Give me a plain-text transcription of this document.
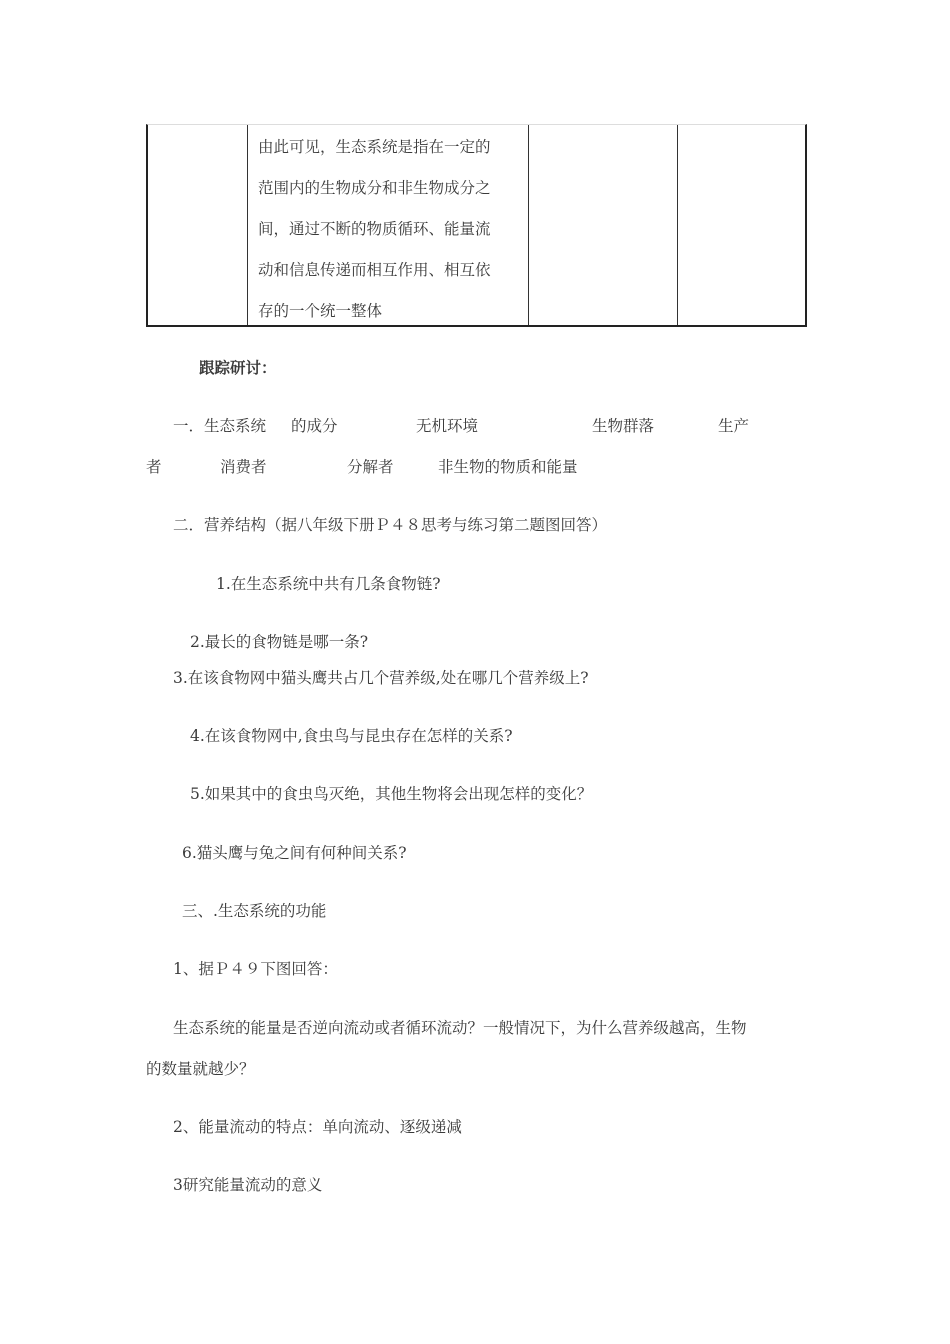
由此可见，生态系统是指在一定的
范围内的生物成分和非生物成分之
间，通过不断的物质循环、能量流
动和信息传递而相互作用、相互依
存的一个统一整体
跟踪研讨：
一．生态系统 的成分	无机环境	生物群落	生产
者	消费者	分解者	非生物的物质和能量
二．营养结构（据八年级下册Ｐ４８思考与练习第二题图回答）
1.在生态系统中共有几条食物链?
2.最长的食物链是哪一条?
3.在该食物网中猫头鹰共占几个营养级,处在哪几个营养级上?
4.在该食物网中,食虫鸟与昆虫存在怎样的关系?
5.如果其中的食虫鸟灭绝，其他生物将会出现怎样的变化？
6.猫头鹰与兔之间有何种间关系?
三、.生态系统的功能
1、据Ｐ４９下图回答：
生态系统的能量是否逆向流动或者循环流动？一般情况下，为什么营养级越高，生物
的数量就越少？
2、能量流动的特点：单向流动、逐级递减
3研究能量流动的意义
